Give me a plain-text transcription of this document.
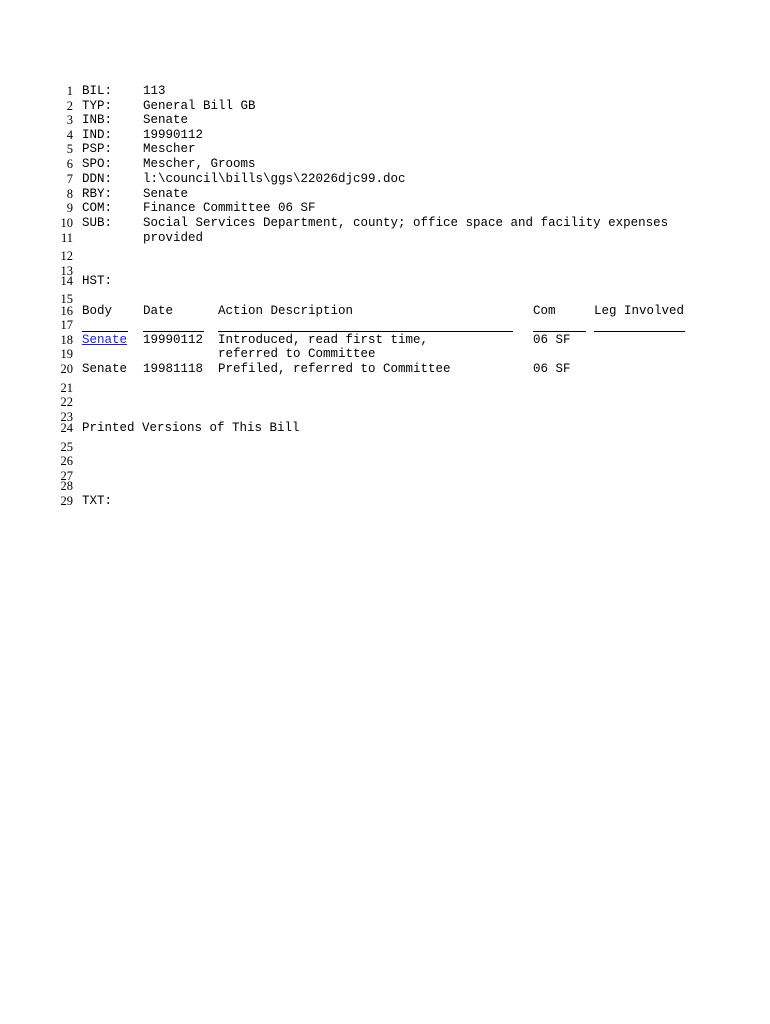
1 BIL: 113
2 TYP: General Bill GB
3 INB: Senate
4 IND: 19990112
5 PSP: Mescher
6 SPO: Mescher, Grooms
7 DDN: l:\council\bills\ggs\22026djc99.doc
8 RBY: Senate
9 COM: Finance Committee 06 SF
10 SUB: Social Services Department, county; office space and facility expenses
11	provided
12
13
14 HST:
15
16 Body Date	Action Description	Com	Leg Involved
17
18 Senate 19990112 Introduced, read first time,	06 SF
19	referred to Committee
20 Senate 19981118 Prefiled, referred to Committee	06 SF
21
22
23
24 Printed Versions of This Bill
25
26
27
28
29 TXT:
